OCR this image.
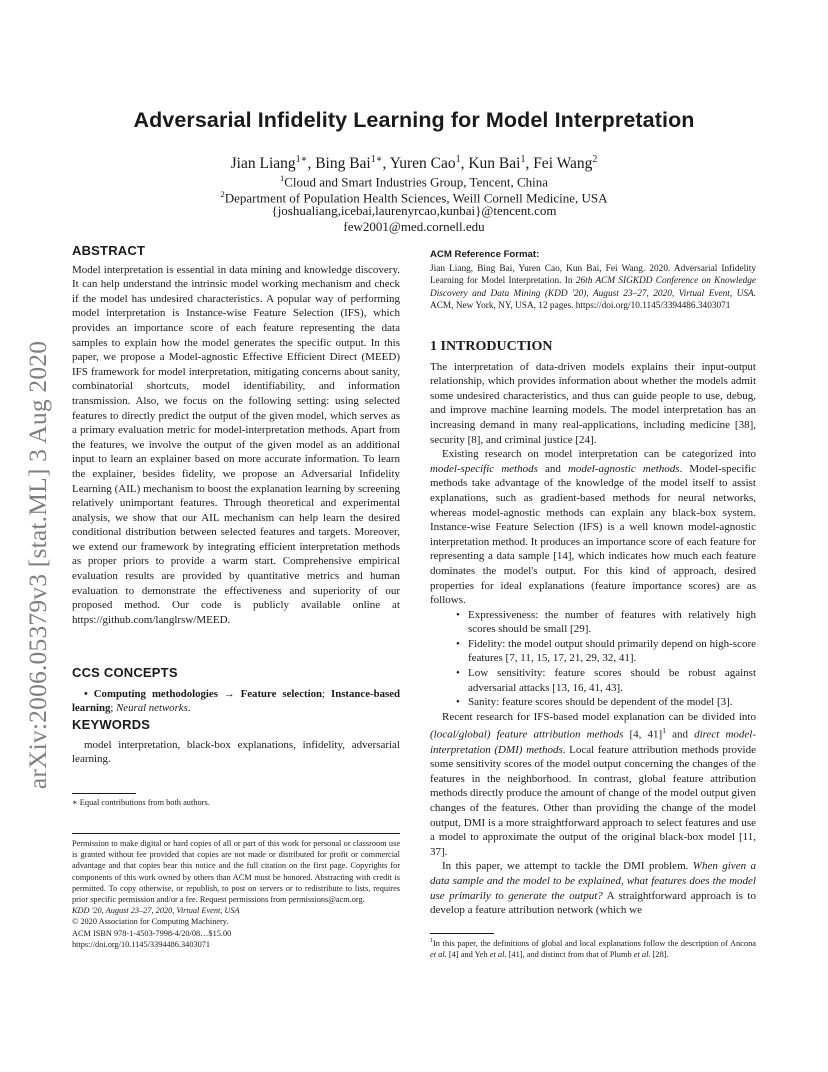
arXiv:2006.05379v3 [stat.ML] 3 Aug 2020
Adversarial Infidelity Learning for Model Interpretation
Jian Liang$^{1∗}$, Bing Bai$^{1∗}$, Yuren Cao$^1$, Kun Bai$^1$, Fei Wang$^2$
$^1$Cloud and Smart Industries Group, Tencent, China
$^2$Department of Population Health Sciences, Weill Cornell Medicine, USA
{joshualiang,icebai,laurenyrcao,kunbai}@tencent.com
few2001@med.cornell.edu
ABSTRACT

Model interpretation is essential in data mining and knowledge discovery. It can help understand the intrinsic model working mechanism and check if the model has undesired characteristics. A popular way of performing model interpretation is Instance-wise Feature Selection (IFS), which provides an importance score of each feature representing the data samples to explain how the model generates the specific output. In this paper, we propose a Model-agnostic Effective Efficient Direct (MEED) IFS framework for model interpretation, mitigating concerns about sanity, combinatorial shortcuts, model identifiability, and information transmission. Also, we focus on the following setting: using selected features to directly predict the output of the given model, which serves as a primary evaluation metric for model-interpretation methods. Apart from the features, we involve the output of the given model as an additional input to learn an explainer based on more accurate information. To learn the explainer, besides fidelity, we propose an Adversarial Infidelity Learning (AIL) mechanism to boost the explanation learning by screening relatively unimportant features. Through theoretical and experimental analysis, we show that our AIL mechanism can help learn the desired conditional distribution between selected features and targets. Moreover, we extend our framework by integrating efficient interpretation methods as proper priors to provide a warm start. Comprehensive empirical evaluation results are provided by quantitative metrics and human evaluation to demonstrate the effectiveness and superiority of our proposed method. Our code is publicly available online at https://github.com/langlrsw/MEED.

CCS CONCEPTS

• Computing methodologies → Feature selection; Instance-based learning; Neural networks.

KEYWORDS

model interpretation, black-box explanations, infidelity, adversarial learning.

∗ Equal contributions from both authors.

Permission to make digital or hard copies of all or part of this work for personal or classroom use is granted without fee provided that copies are not made or distributed for profit or commercial advantage and that copies bear this notice and the full citation on the first page. Copyrights for components of this work owned by others than ACM must be honored. Abstracting with credit is permitted. To copy otherwise, or republish, to post on servers or to redistribute to lists, requires prior specific permission and/or a fee. Request permissions from permissions@acm.org.

KDD '20, August 23–27, 2020, Virtual Event, USA

© 2020 Association for Computing Machinery.

ACM ISBN 978-1-4503-7998-4/20/08…$15.00

https://doi.org/10.1145/3394486.3403071

ACM Reference Format:

Jian Liang, Bing Bai, Yuren Cao, Kun Bai, Fei Wang. 2020. Adversarial Infidelity Learning for Model Interpretation. In 26th ACM SIGKDD Conference on Knowledge Discovery and Data Mining (KDD '20), August 23–27, 2020, Virtual Event, USA. ACM, New York, NY, USA, 12 pages. https://doi.org/10.1145/3394486.3403071

1 INTRODUCTION

The interpretation of data-driven models explains their input-output relationship, which provides information about whether the models admit some undesired characteristics, and thus can guide people to use, debug, and improve machine learning models. The model interpretation has an increasing demand in many real-applications, including medicine [38], security [8], and criminal justice [24].

Existing research on model interpretation can be categorized into model-specific methods and model-agnostic methods. Model-specific methods take advantage of the knowledge of the model itself to assist explanations, such as gradient-based methods for neural networks, whereas model-agnostic methods can explain any black-box system. Instance-wise Feature Selection (IFS) is a well known model-agnostic interpretation method. It produces an importance score of each feature for representing a data sample [14], which indicates how much each feature dominates the model's output. For this kind of approach, desired properties for ideal explanations (feature importance scores) are as follows.

• Expressiveness: the number of features with relatively high scores should be small [29].
• Fidelity: the model output should primarily depend on high-score features [7, 11, 15, 17, 21, 29, 32, 41].
• Low sensitivity: feature scores should be robust against adversarial attacks [13, 16, 41, 43].
• Sanity: feature scores should be dependent of the model [3].

Recent research for IFS-based model explanation can be divided into (local/global) feature attribution methods [4, 41]$^1$ and direct model-interpretation (DMI) methods. Local feature attribution methods provide some sensitivity scores of the model output concerning the changes of the features in the neighborhood. In contrast, global feature attribution methods directly produce the amount of change of the model output given changes of the features. Other than providing the change of the model output, DMI is a more straightforward approach to select features and use a model to approximate the output of the original black-box model [11, 37].

In this paper, we attempt to tackle the DMI problem. When given a data sample and the model to be explained, what features does the model use primarily to generate the output? A straightforward approach is to develop a feature attribution network (which we

$^1$In this paper, the definitions of global and local explanations follow the description of Ancona et al. [4] and Yeh et al. [41], and distinct from that of Plumb et al. [28].
